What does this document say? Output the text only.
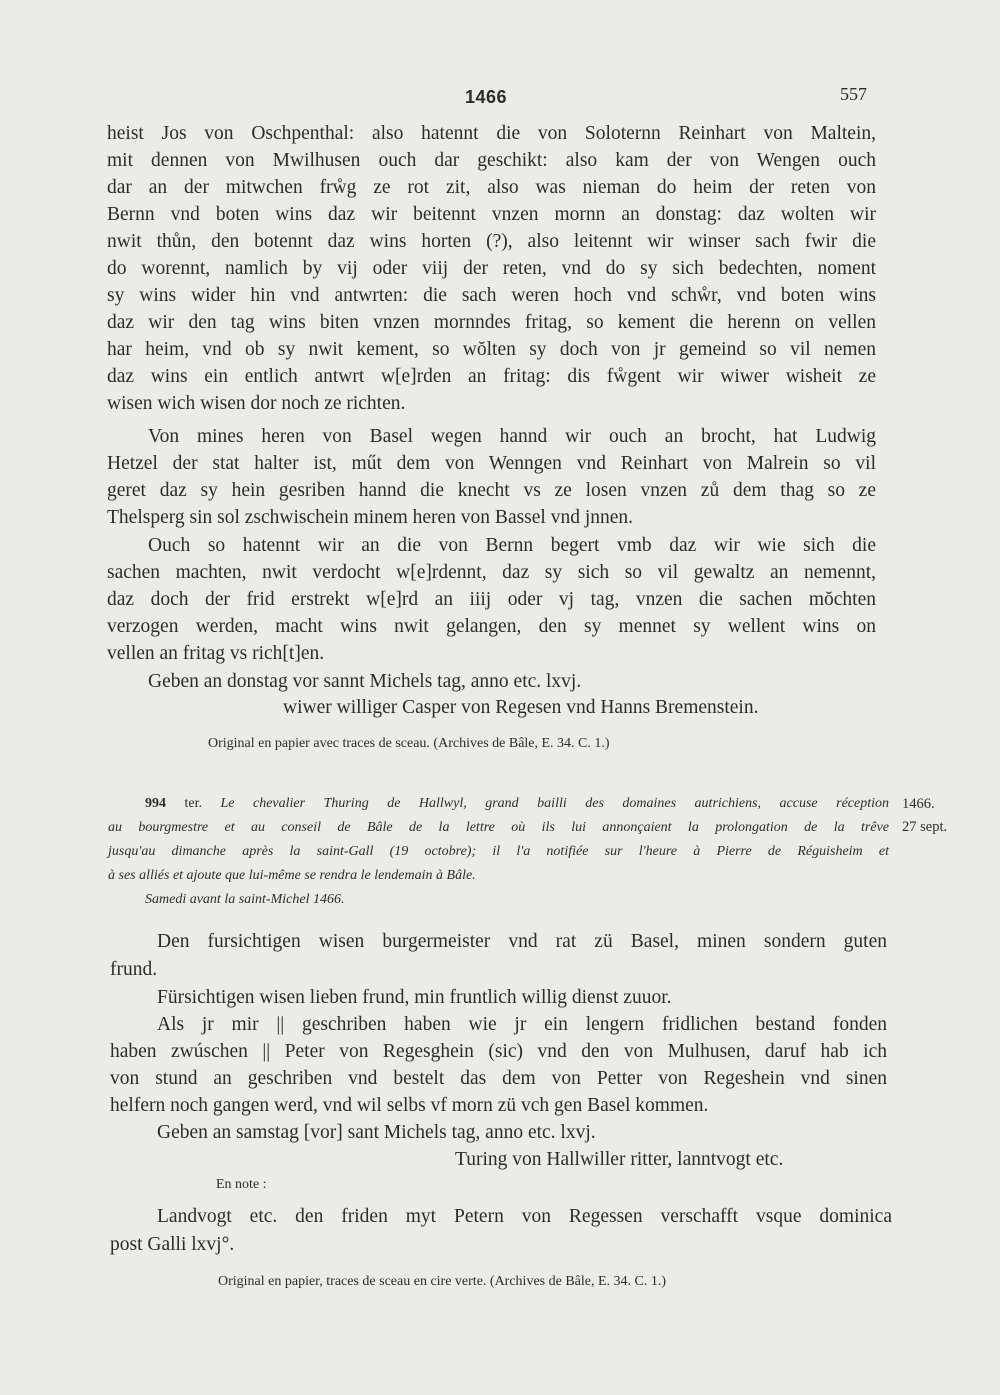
1466	557
heist Jos von Oschpenthal: also hatennt die von Soloternn Reinhart von Maltein,
mit dennen von Mwilhusen ouch dar geschikt: also kam der von Wengen ouch
dar an der mitwchen frẘg ze rot zit, also was nieman do heim der reten von
Bernn vnd boten wins daz wir beitennt vnzen mornn an donstag: daz wolten wir
nwit thůn, den botennt daz wins horten (?), also leitennt wir winser sach fwir die
do worennt, namlich by vij oder viij der reten, vnd do sy sich bedechten, noment
sy wins wider hin vnd antwrten: die sach weren hoch vnd schẘr, vnd boten wins
daz wir den tag wins biten vnzen mornndes fritag, so kement die herenn on vellen
har heim, vnd ob sy nwit kement, so wŏlten sy doch von jr gemeind so vil nemen
daz wins ein entlich antwrt w[e]rden an fritag: dis fẘgent wir wiwer wisheit ze
wisen wich wisen dor noch ze richten.
Von mines heren von Basel wegen hannd wir ouch an brocht, hat Ludwig
Hetzel der stat halter ist, műt dem von Wenngen vnd Reinhart von Malrein so vil
geret daz sy hein gesriben hannd die knecht vs ze losen vnzen zů dem thag so ze
Thelsperg sin sol zschwischein minem heren von Bassel vnd jnnen.
Ouch so hatennt wir an die von Bernn begert vmb daz wir wie sich die
sachen machten, nwit verdocht w[e]rdennt, daz sy sich so vil gewaltz an nemennt,
daz doch der frid erstrekt w[e]rd an iiij oder vj tag, vnzen die sachen mŏchten
verzogen werden, macht wins nwit gelangen, den sy mennet sy wellent wins on
vellen an fritag vs rich[t]en.
Geben an donstag vor sannt Michels tag, anno etc. lxvj.
wiwer williger Casper von Regesen vnd Hanns Bremenstein.
Original en papier avec traces de sceau. (Archives de Bâle, E. 34. C. 1.)
994 ter. Le chevalier Thuring de Hallwyl, grand bailli des domaines autrichiens, accuse réception
au bourgmestre et au conseil de Bâle de la lettre où ils lui annonçaient la prolongation de la trêve
jusqu'au dimanche après la saint-Gall (19 octobre); il l'a notifiée sur l'heure à Pierre de Réguisheim et
à ses alliés et ajoute que lui-même se rendra le lendemain à Bâle.
Samedi avant la saint-Michel 1466.
1466.
27 sept.
Den fursichtigen wisen burgermeister vnd rat zü Basel, minen sondern guten
frund.
Fürsichtigen wisen lieben frund, min fruntlich willig dienst zuuor.
Als jr mir || geschriben haben wie jr ein lengern fridlichen bestand fonden
haben zwúschen || Peter von Regesghein (sic) vnd den von Mulhusen, daruf hab ich
von stund an geschriben vnd bestelt das dem von Petter von Regeshein vnd sinen
helfern noch gangen werd, vnd wil selbs vf morn zü vch gen Basel kommen.
Geben an samstag [vor] sant Michels tag, anno etc. lxvj.
Turing von Hallwiller ritter, lanntvogt etc.
En note :
Landvogt etc. den friden myt Petern von Regessen verschafft vsque dominica
post Galli lxvj°.
Original en papier, traces de sceau en cire verte. (Archives de Bâle, E. 34. C. 1.)
